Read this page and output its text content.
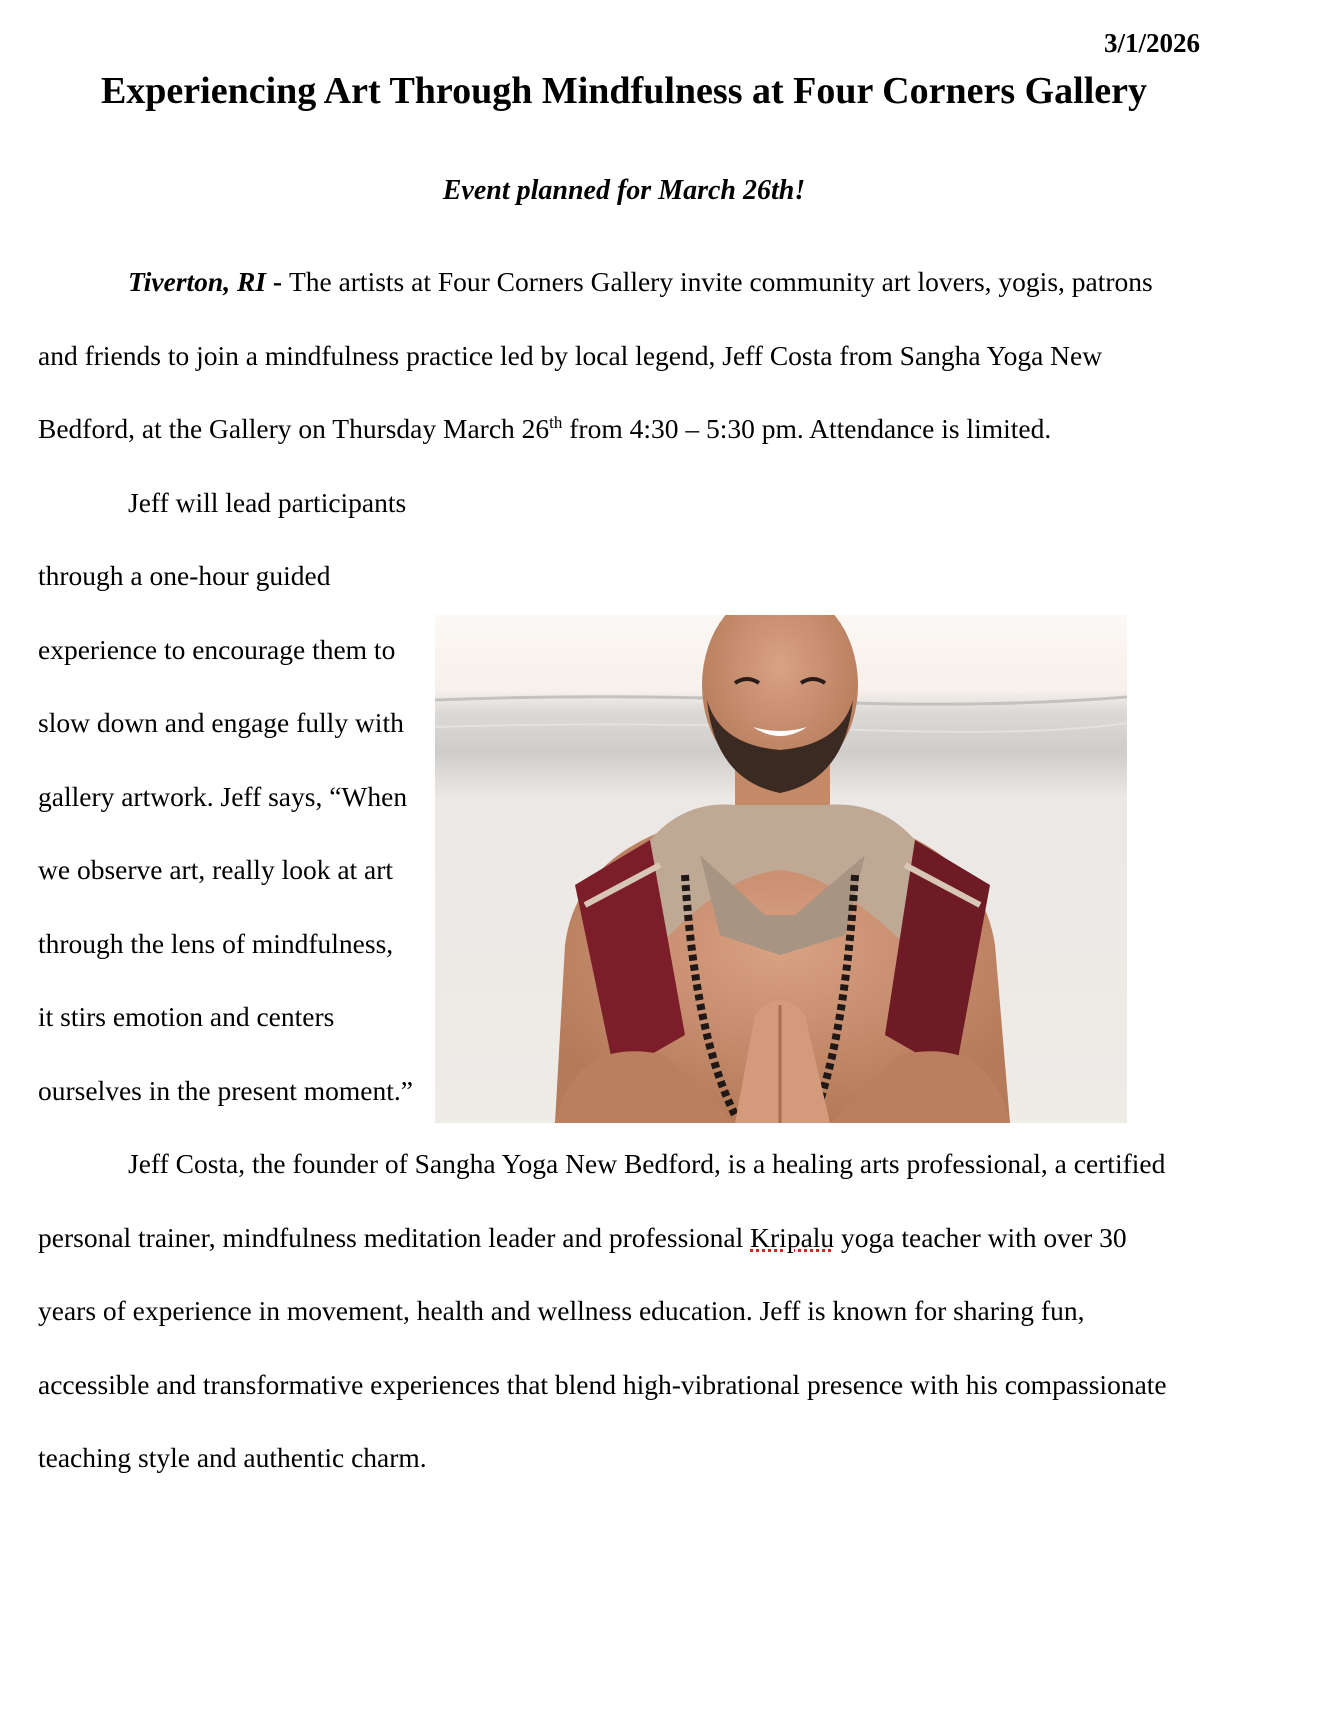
3/1/2026
Experiencing Art Through Mindfulness at Four Corners Gallery
Event planned for March 26th!

Tiverton, RI - The artists at Four Corners Gallery invite community art lovers, yogis, patrons and friends to join a mindfulness practice led by local legend, Jeff Costa from Sangha Yoga New Bedford, at the Gallery on Thursday March 26th from 4:30 – 5:30 pm. Attendance is limited.

Jeff will lead participants through a one-hour guided experience to encourage them to slow down and engage fully with gallery artwork. Jeff says, “When we observe art, really look at art through the lens of mindfulness, it stirs emotion and centers ourselves in the present moment.”

Jeff Costa, the founder of Sangha Yoga New Bedford, is a healing arts professional, a certified personal trainer, mindfulness meditation leader and professional Kripalu yoga teacher with over 30 years of experience in movement, health and wellness education. Jeff is known for sharing fun, accessible and transformative experiences that blend high-vibrational presence with his compassionate teaching style and authentic charm.
